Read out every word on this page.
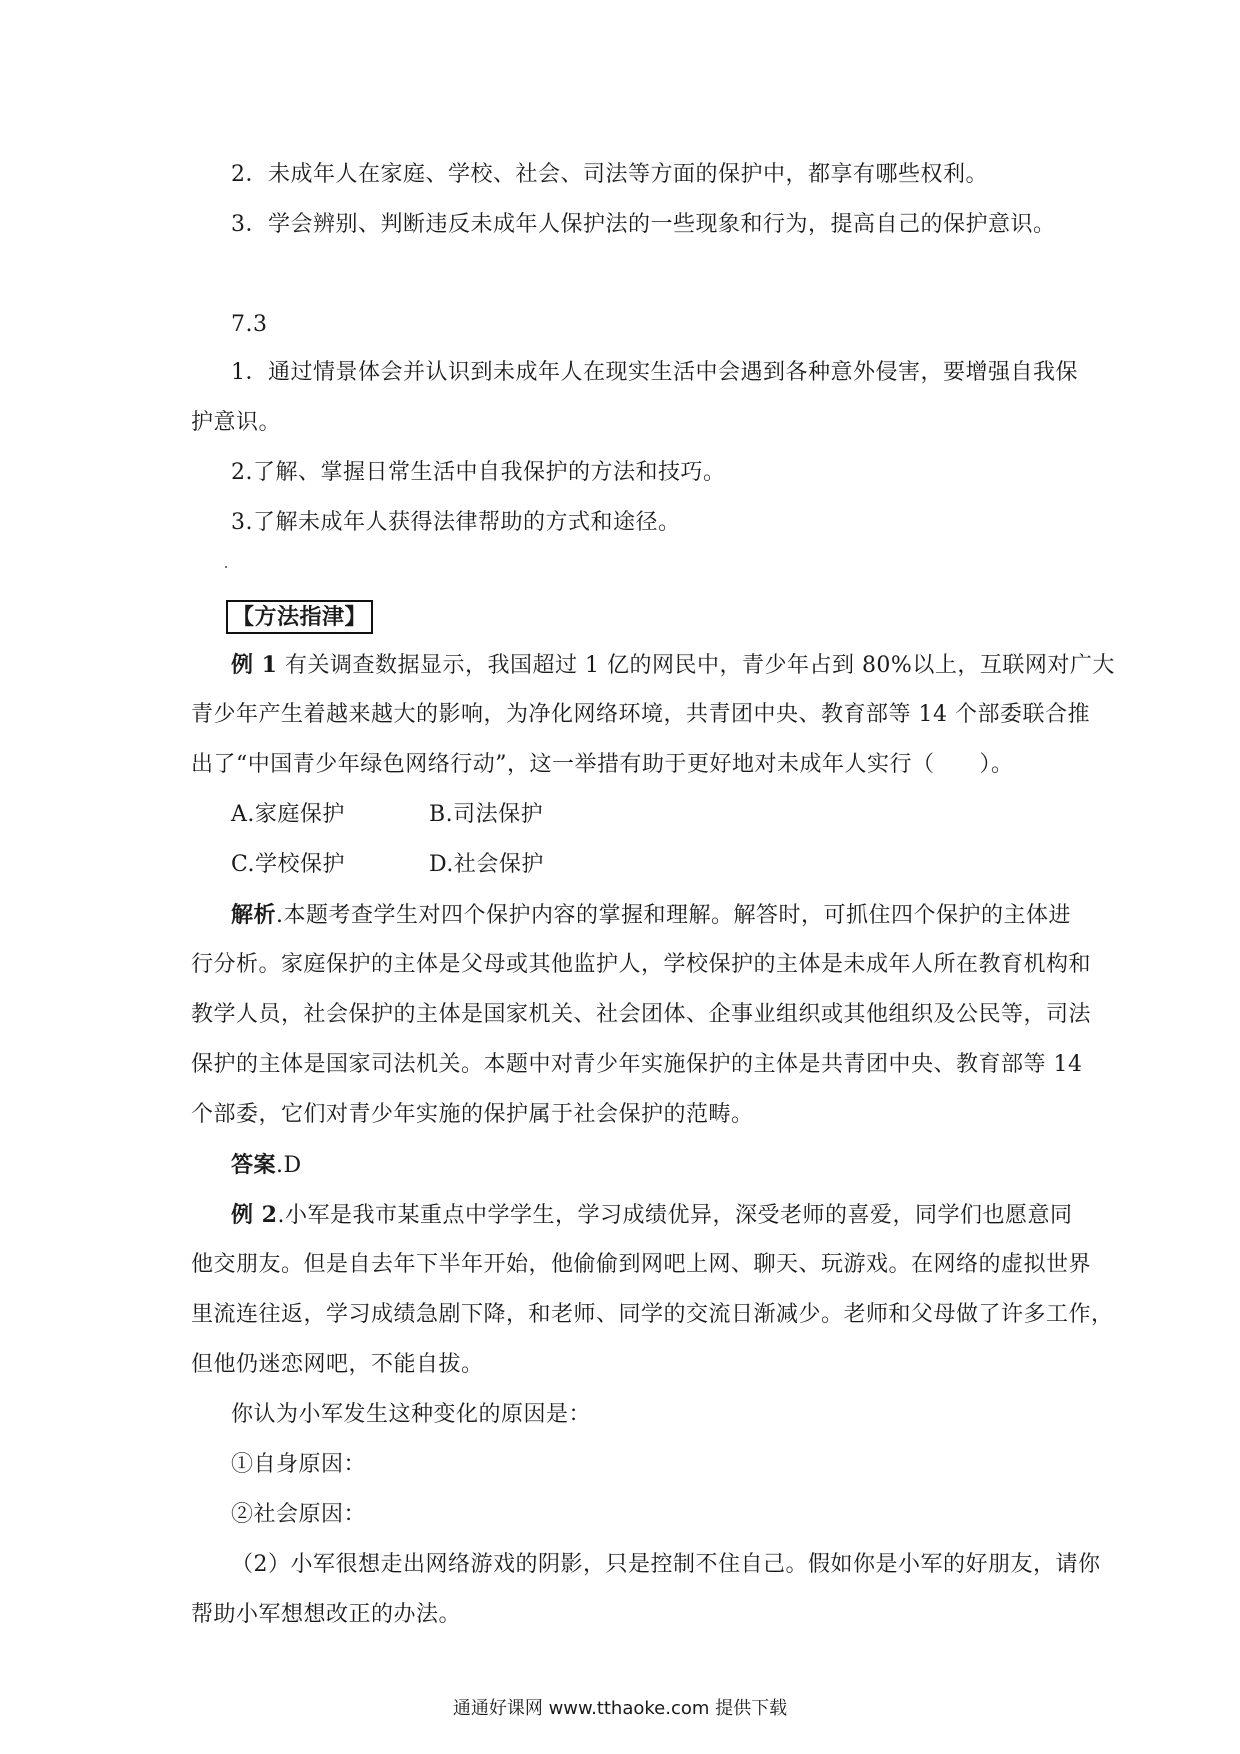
2．未成年人在家庭、学校、社会、司法等方面的保护中，都享有哪些权利。
3．学会辨别、判断违反未成年人保护法的一些现象和行为，提高自己的保护意识。
7.3
1．通过情景体会并认识到未成年人在现实生活中会遇到各种意外侵害，要增强自我保
护意识。
2.了解、掌握日常生活中自我保护的方法和技巧。
3.了解未成年人获得法律帮助的方式和途径。
【方法指津】
例 1 有关调查数据显示，我国超过 1 亿的网民中，青少年占到 80%以上，互联网对广大
青少年产生着越来越大的影响，为净化网络环境，共青团中央、教育部等 14 个部委联合推
出了“中国青少年绿色网络行动”，这一举措有助于更好地对未成年人实行（　　）。
A.家庭保护	B.司法保护
C.学校保护	D.社会保护
解析.本题考查学生对四个保护内容的掌握和理解。解答时，可抓住四个保护的主体进
行分析。家庭保护的主体是父母或其他监护人，学校保护的主体是未成年人所在教育机构和
教学人员，社会保护的主体是国家机关、社会团体、企事业组织或其他组织及公民等，司法
保护的主体是国家司法机关。本题中对青少年实施保护的主体是共青团中央、教育部等 14
个部委，它们对青少年实施的保护属于社会保护的范畴。
答案.D
例 2.小军是我市某重点中学学生，学习成绩优异，深受老师的喜爱，同学们也愿意同
他交朋友。但是自去年下半年开始，他偷偷到网吧上网、聊天、玩游戏。在网络的虚拟世界
里流连往返，学习成绩急剧下降，和老师、同学的交流日渐减少。老师和父母做了许多工作，
但他仍迷恋网吧，不能自拔。
你认为小军发生这种变化的原因是：
①自身原因：
②社会原因：
（2）小军很想走出网络游戏的阴影，只是控制不住自己。假如你是小军的好朋友，请你
帮助小军想想改正的办法。
通通好课网 www.tthaoke.com 提供下载
